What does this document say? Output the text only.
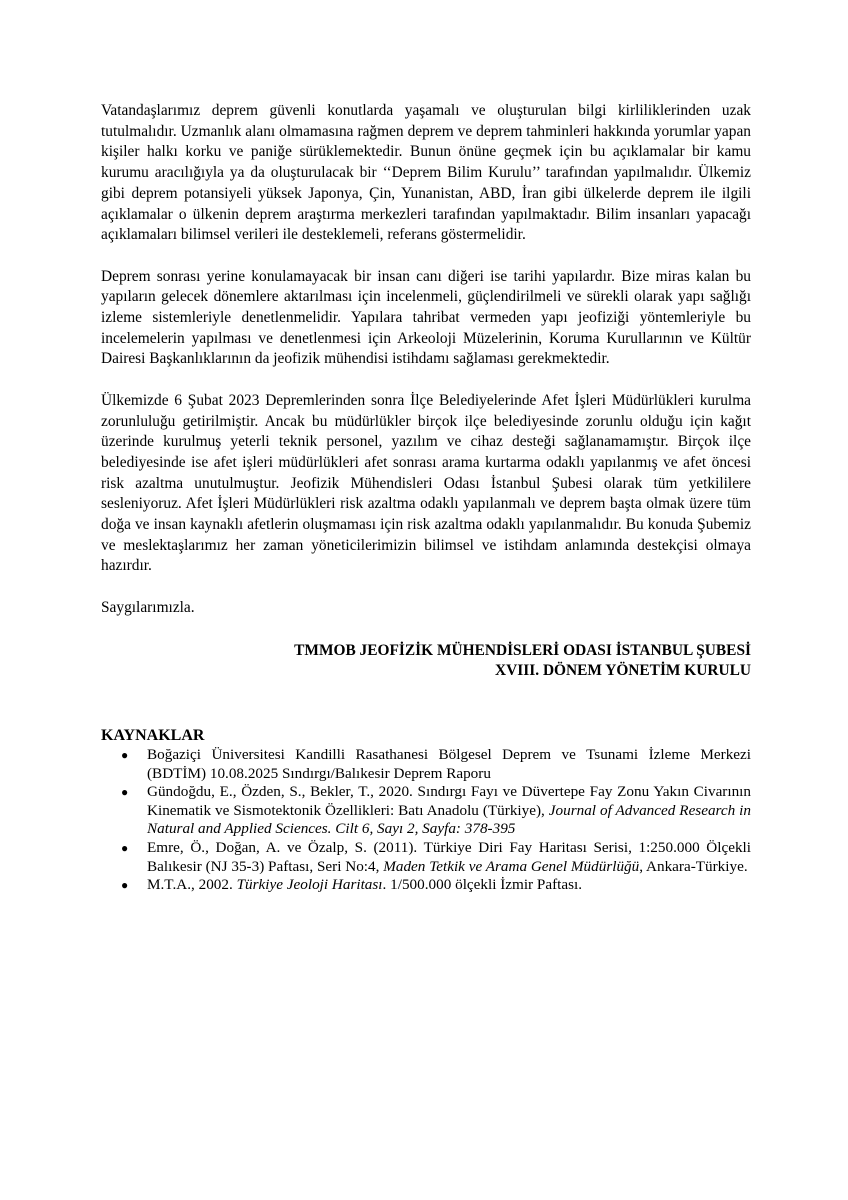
Vatandaşlarımız deprem güvenli konutlarda yaşamalı ve oluşturulan bilgi kirliliklerinden uzak tutulmalıdır. Uzmanlık alanı olmamasına rağmen deprem ve deprem tahminleri hakkında yorumlar yapan kişiler halkı korku ve paniğe sürüklemektedir. Bunun önüne geçmek için bu açıklamalar bir kamu kurumu aracılığıyla ya da oluşturulacak bir ‘‘Deprem Bilim Kurulu’’ tarafından yapılmalıdır. Ülkemiz gibi deprem potansiyeli yüksek Japonya, Çin, Yunanistan, ABD, İran gibi ülkelerde deprem ile ilgili açıklamalar o ülkenin deprem araştırma merkezleri tarafından yapılmaktadır. Bilim insanları yapacağı açıklamaları bilimsel verileri ile desteklemeli, referans göstermelidir.

Deprem sonrası yerine konulamayacak bir insan canı diğeri ise tarihi yapılardır. Bize miras kalan bu yapıların gelecek dönemlere aktarılması için incelenmeli, güçlendirilmeli ve sürekli olarak yapı sağlığı izleme sistemleriyle denetlenmelidir. Yapılara tahribat vermeden yapı jeofiziği yöntemleriyle bu incelemelerin yapılması ve denetlenmesi için Arkeoloji Müzelerinin, Koruma Kurullarının ve Kültür Dairesi Başkanlıklarının da jeofizik mühendisi istihdamı sağlaması gerekmektedir.

Ülkemizde 6 Şubat 2023 Depremlerinden sonra İlçe Belediyelerinde Afet İşleri Müdürlükleri kurulma zorunluluğu getirilmiştir. Ancak bu müdürlükler birçok ilçe belediyesinde zorunlu olduğu için kağıt üzerinde kurulmuş yeterli teknik personel, yazılım ve cihaz desteği sağlanamamıştır. Birçok ilçe belediyesinde ise afet işleri müdürlükleri afet sonrası arama kurtarma odaklı yapılanmış ve afet öncesi risk azaltma unutulmuştur. Jeofizik Mühendisleri Odası İstanbul Şubesi olarak tüm yetkililere sesleniyoruz. Afet İşleri Müdürlükleri risk azaltma odaklı yapılanmalı ve deprem başta olmak üzere tüm doğa ve insan kaynaklı afetlerin oluşmaması için risk azaltma odaklı yapılanmalıdır. Bu konuda Şubemiz ve meslektaşlarımız her zaman yöneticilerimizin bilimsel ve istihdam anlamında destekçisi olmaya hazırdır.

Saygılarımızla.

TMMOB JEOFİZİK MÜHENDİSLERİ ODASI İSTANBUL ŞUBESİ
XVIII. DÖNEM YÖNETİM KURULU
KAYNAKLAR
● Boğaziçi Üniversitesi Kandilli Rasathanesi Bölgesel Deprem ve Tsunami İzleme Merkezi (BDTİM) 10.08.2025 Sındırgı/Balıkesir Deprem Raporu
● Gündoğdu, E., Özden, S., Bekler, T., 2020. Sındırgı Fayı ve Düvertepe Fay Zonu Yakın Civarının Kinematik ve Sismotektonik Özellikleri: Batı Anadolu (Türkiye), Journal of Advanced Research in Natural and Applied Sciences. Cilt 6, Sayı 2, Sayfa: 378-395
● Emre, Ö., Doğan, A. ve Özalp, S. (2011). Türkiye Diri Fay Haritası Serisi, 1:250.000 Ölçekli Balıkesir (NJ 35-3) Paftası, Seri No:4, Maden Tetkik ve Arama Genel Müdürlüğü, Ankara-Türkiye.
● M.T.A., 2002. Türkiye Jeoloji Haritası. 1/500.000 ölçekli İzmir Paftası.
